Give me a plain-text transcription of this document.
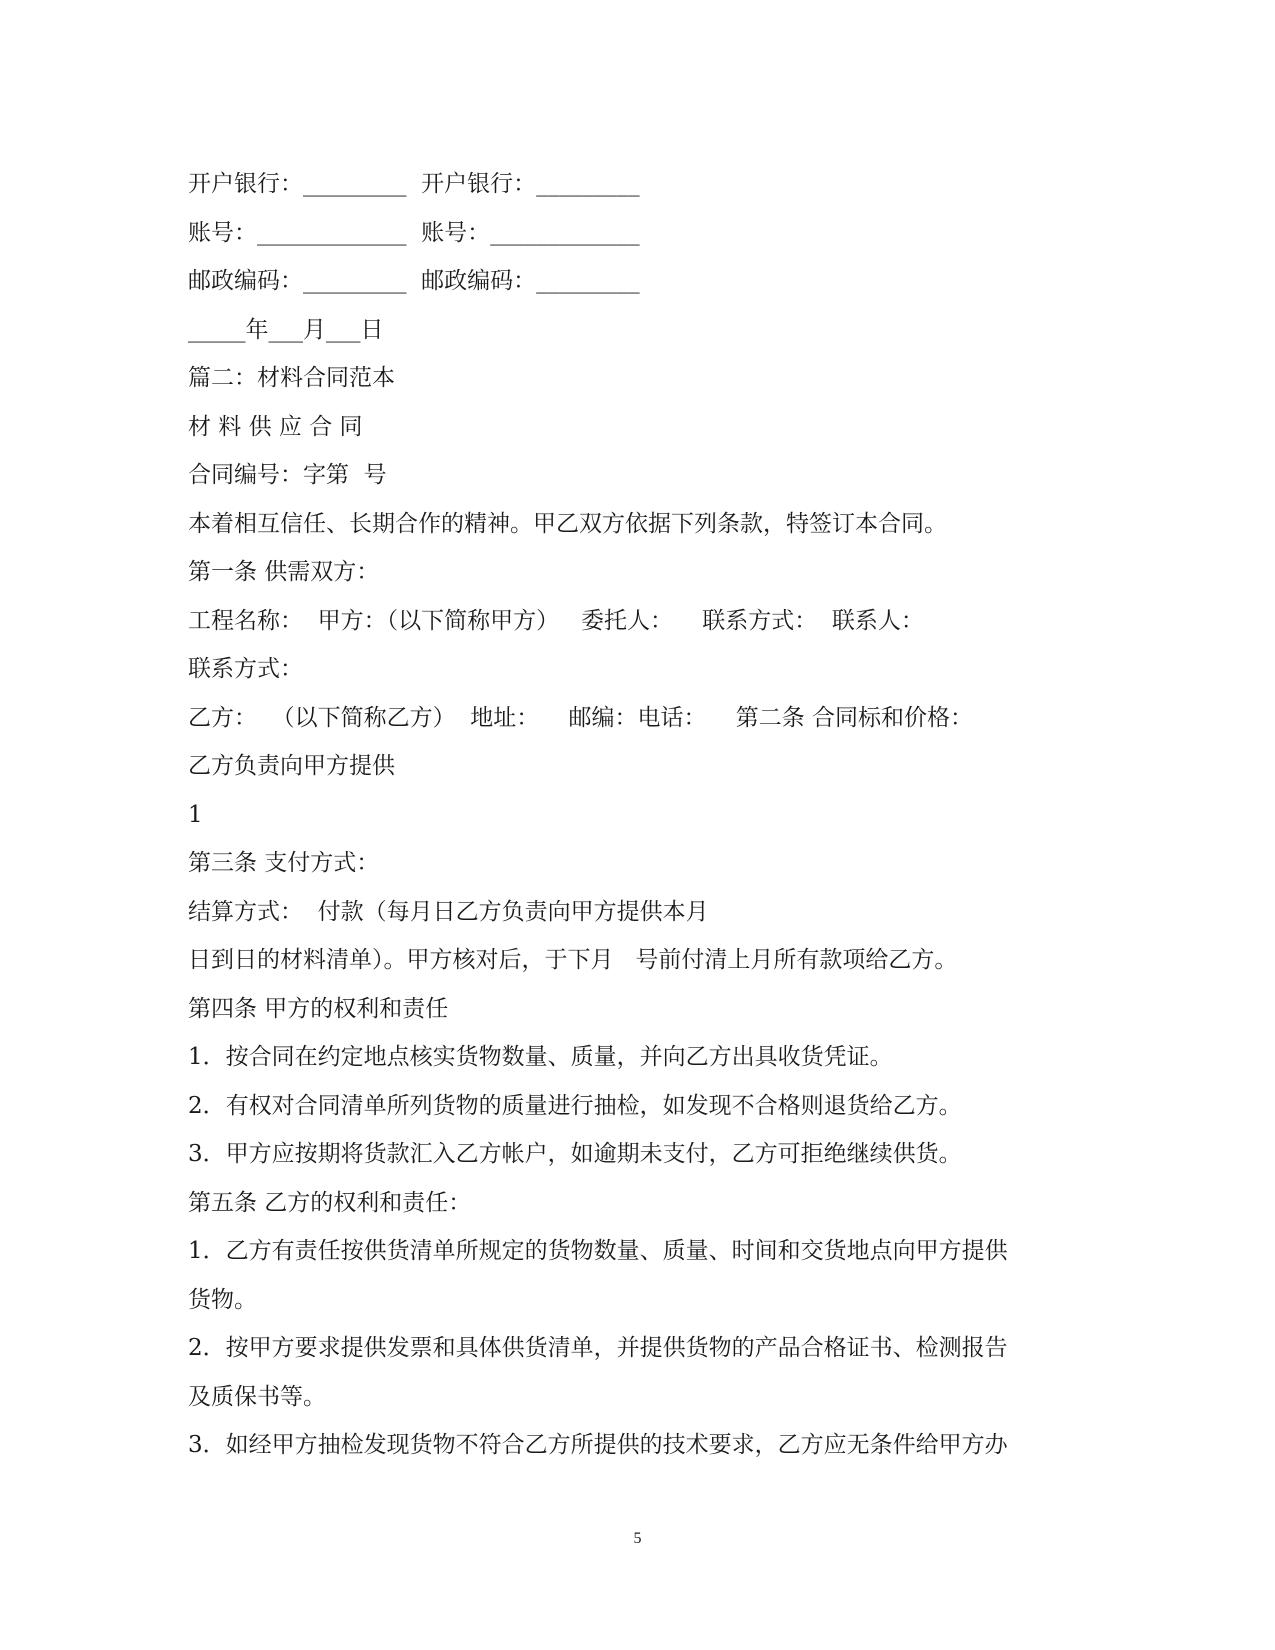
开户银行：_________  开户银行：_________

账号：_____________  账号：_____________

邮政编码：_________  邮政编码：_________

_____年___月___日

篇二：材料合同范本

材 料 供 应 合 同

合同编号：字第  号

本着相互信任、长期合作的精神。甲乙双方依据下列条款，特签订本合同。

第一条 供需双方：

工程名称：  甲方：（以下简称甲方）   委托人：    联系方式：  联系人：

联系方式：

乙方：  （以下简称乙方）  地址：    邮编：电话：    第二条 合同标和价格：

乙方负责向甲方提供

1

第三条 支付方式：

结算方式：  付款（每月日乙方负责向甲方提供本月

日到日的材料清单）。甲方核对后，于下月   号前付清上月所有款项给乙方。

第四条 甲方的权利和责任

1．按合同在约定地点核实货物数量、质量，并向乙方出具收货凭证。

2．有权对合同清单所列货物的质量进行抽检，如发现不合格则退货给乙方。

3．甲方应按期将货款汇入乙方帐户，如逾期未支付，乙方可拒绝继续供货。

第五条 乙方的权利和责任：

1．乙方有责任按供货清单所规定的货物数量、质量、时间和交货地点向甲方提供

货物。

2．按甲方要求提供发票和具体供货清单，并提供货物的产品合格证书、检测报告

及质保书等。

3．如经甲方抽检发现货物不符合乙方所提供的技术要求，乙方应无条件给甲方办

5
